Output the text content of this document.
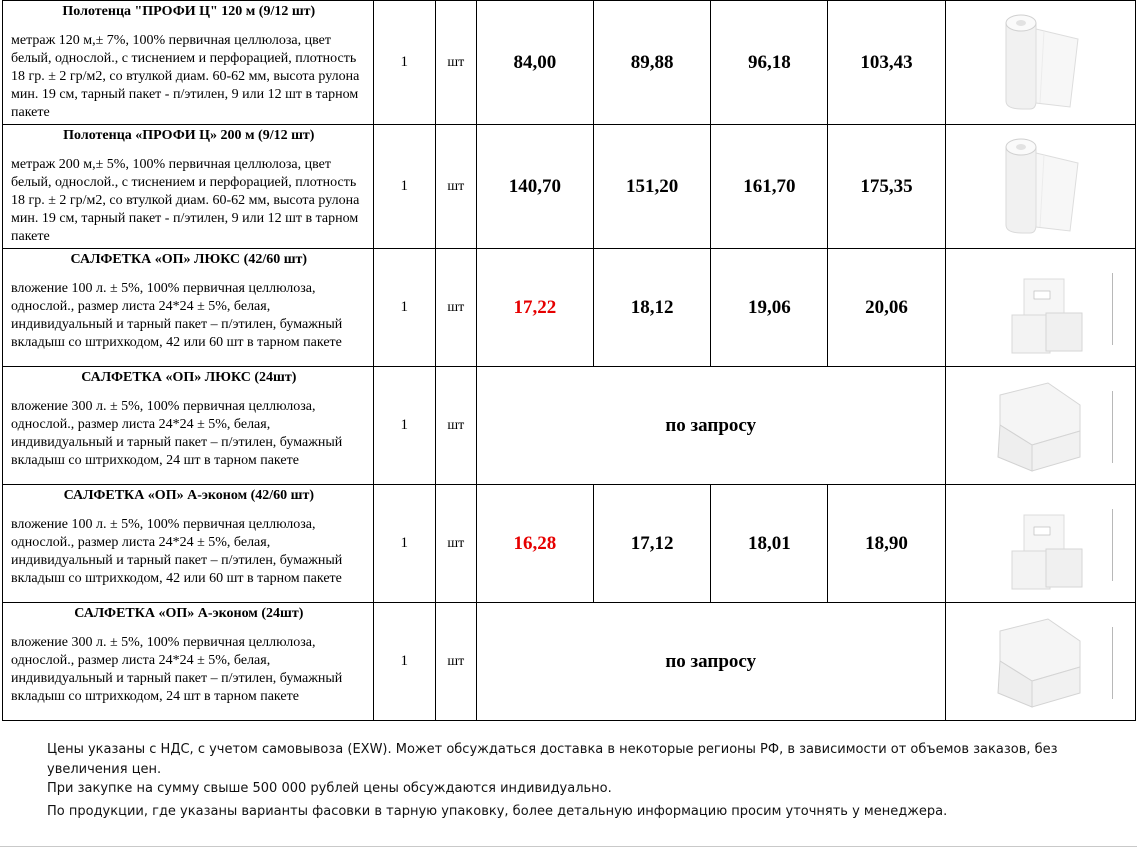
Полотенца "ПРОФИ Ц" 120 м (9/12 шт)
метраж 120 м,± 7%, 100% первичная целлюлоза, цвет белый, однослой., с тиснением и перфорацией, плотность 18 гр. ± 2 гр/м2, со втулкой диам. 60-62 мм, высота рулона мин. 19 см, тарный пакет - п/этилен, 9 или 12 шт в тарном пакете	1	шт	84,00	89,88	96,18	103,43	

Полотенца «ПРОФИ Ц» 200 м (9/12 шт)
метраж 200 м,± 5%, 100% первичная целлюлоза, цвет белый, однослой., с тиснением и перфорацией, плотность 18 гр. ± 2 гр/м2, со втулкой диам. 60-62 мм, высота рулона мин. 19 см, тарный пакет - п/этилен, 9 или 12 шт в тарном пакете	1	шт	140,70	151,20	161,70	175,35	

САЛФЕТКА «ОП» ЛЮКС (42/60 шт)
вложение 100 л. ± 5%, 100% первичная целлюлоза, однослой., размер листа 24*24 ± 5%, белая, индивидуальный и тарный пакет – п/этилен, бумажный вкладыш со штрихкодом, 42 или 60 шт в тарном пакете	1	шт	17,22	18,12	19,06	20,06	

САЛФЕТКА «ОП» ЛЮКС (24шт)
вложение 300 л. ± 5%, 100% первичная целлюлоза, однослой., размер листа 24*24 ± 5%, белая, индивидуальный и тарный пакет – п/этилен, бумажный вкладыш со штрихкодом, 24 шт в тарном пакете	1	шт	по запросу	

САЛФЕТКА «ОП» А-эконом (42/60 шт)
вложение 100 л. ± 5%, 100% первичная целлюлоза, однослой., размер листа 24*24 ± 5%, белая, индивидуальный и тарный пакет – п/этилен, бумажный вкладыш со штрихкодом, 42 или 60 шт в тарном пакете	1	шт	16,28	17,12	18,01	18,90	

САЛФЕТКА «ОП» А-эконом (24шт)
вложение 300 л. ± 5%, 100% первичная целлюлоза, однослой., размер листа 24*24 ± 5%, белая, индивидуальный и тарный пакет – п/этилен, бумажный вкладыш со штрихкодом, 24 шт в тарном пакете	1	шт	по запросу	

Цены указаны с НДС, с учетом самовывоза (EXW). Может обсуждаться доставка в некоторые регионы РФ, в зависимости от объемов заказов, без увеличения цен.

При закупке на сумму свыше 500 000 рублей цены обсуждаются индивидуально.

По продукции, где указаны варианты фасовки в тарную упаковку, более детальную информацию просим уточнять у менеджера.
